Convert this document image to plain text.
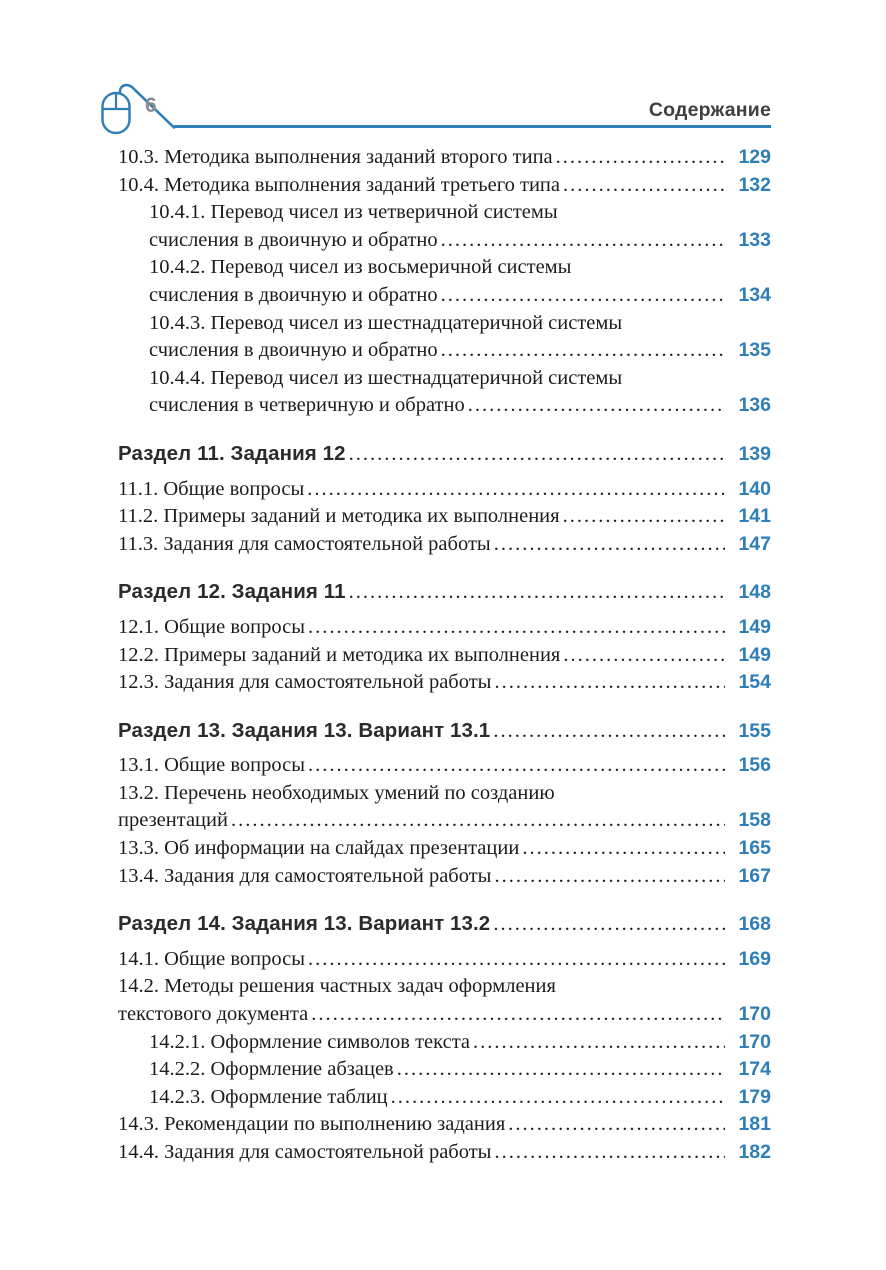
6	Содержание
10.3. Методика выполнения заданий второго типа .....	129
10.4. Методика выполнения заданий третьего типа .....	132
10.4.1. Перевод чисел из четверичной системы
счисления в двоичную и обратно .....	133
10.4.2. Перевод чисел из восьмеричной системы
счисления в двоичную и обратно .....	134
10.4.3. Перевод чисел из шестнадцатеричной системы
счисления в двоичную и обратно .....	135
10.4.4. Перевод чисел из шестнадцатеричной системы
счисления в четверичную и обратно .....	136
Раздел 11. Задания 12 .....	139
11.1. Общие вопросы .....	140
11.2. Примеры заданий и методика их выполнения .....	141
11.3. Задания для самостоятельной работы .....	147
Раздел 12. Задания 11 .....	148
12.1. Общие вопросы .....	149
12.2. Примеры заданий и методика их выполнения .....	149
12.3. Задания для самостоятельной работы .....	154
Раздел 13. Задания 13. Вариант 13.1 .....	155
13.1. Общие вопросы .....	156
13.2. Перечень необходимых умений по созданию
презентаций .....	158
13.3. Об информации на слайдах презентации .....	165
13.4. Задания для самостоятельной работы .....	167
Раздел 14. Задания 13. Вариант 13.2 .....	168
14.1. Общие вопросы .....	169
14.2. Методы решения частных задач оформления
текстового документа .....	170
14.2.1. Оформление символов текста .....	170
14.2.2. Оформление абзацев .....	174
14.2.3. Оформление таблиц .....	179
14.3. Рекомендации по выполнению задания .....	181
14.4. Задания для самостоятельной работы .....	182
